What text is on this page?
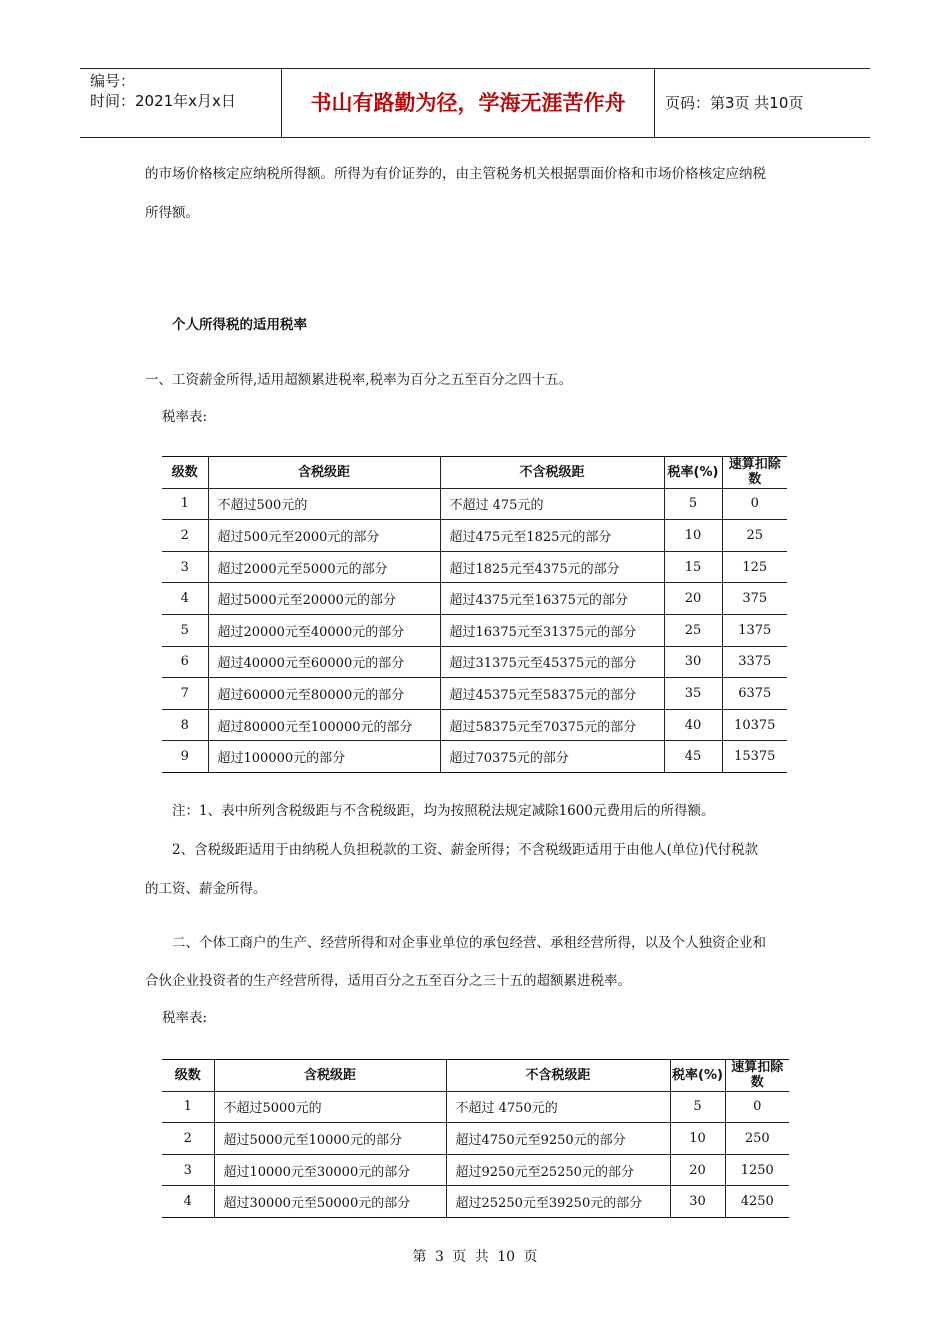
编号：
时间：2021年x月x日	书山有路勤为径，学海无涯苦作舟	页码：第3页 共10页
的市场价格核定应纳税所得额。所得为有价证券的，由主管税务机关根据票面价格和市场价格核定应纳税
所得额。
个人所得税的适用税率
一、工资薪金所得,适用超额累进税率,税率为百分之五至百分之四十五。
税率表:
级数	含税级距	不含税级距	税率(%)	速算扣除数
1	不超过500元的	不超过 475元的	5	0
2	超过500元至2000元的部分	超过475元至1825元的部分	10	25
3	超过2000元至5000元的部分	超过1825元至4375元的部分	15	125
4	超过5000元至20000元的部分	超过4375元至16375元的部分	20	375
5	超过20000元至40000元的部分	超过16375元至31375元的部分	25	1375
6	超过40000元至60000元的部分	超过31375元至45375元的部分	30	3375
7	超过60000元至80000元的部分	超过45375元至58375元的部分	35	6375
8	超过80000元至100000元的部分	超过58375元至70375元的部分	40	10375
9	超过100000元的部分	超过70375元的部分	45	15375
注：1、表中所列含税级距与不含税级距，均为按照税法规定减除1600元费用后的所得额。
2、含税级距适用于由纳税人负担税款的工资、薪金所得；不含税级距适用于由他人(单位)代付税款
的工资、薪金所得。
二、个体工商户的生产、经营所得和对企事业单位的承包经营、承租经营所得，以及个人独资企业和
合伙企业投资者的生产经营所得，适用百分之五至百分之三十五的超额累进税率。
税率表:
级数	含税级距	不含税级距	税率(%)	速算扣除数
1	不超过5000元的	不超过 4750元的	5	0
2	超过5000元至10000元的部分	超过4750元至9250元的部分	10	250
3	超过10000元至30000元的部分	超过9250元至25250元的部分	20	1250
4	超过30000元至50000元的部分	超过25250元至39250元的部分	30	4250
第 3 页 共 10 页
